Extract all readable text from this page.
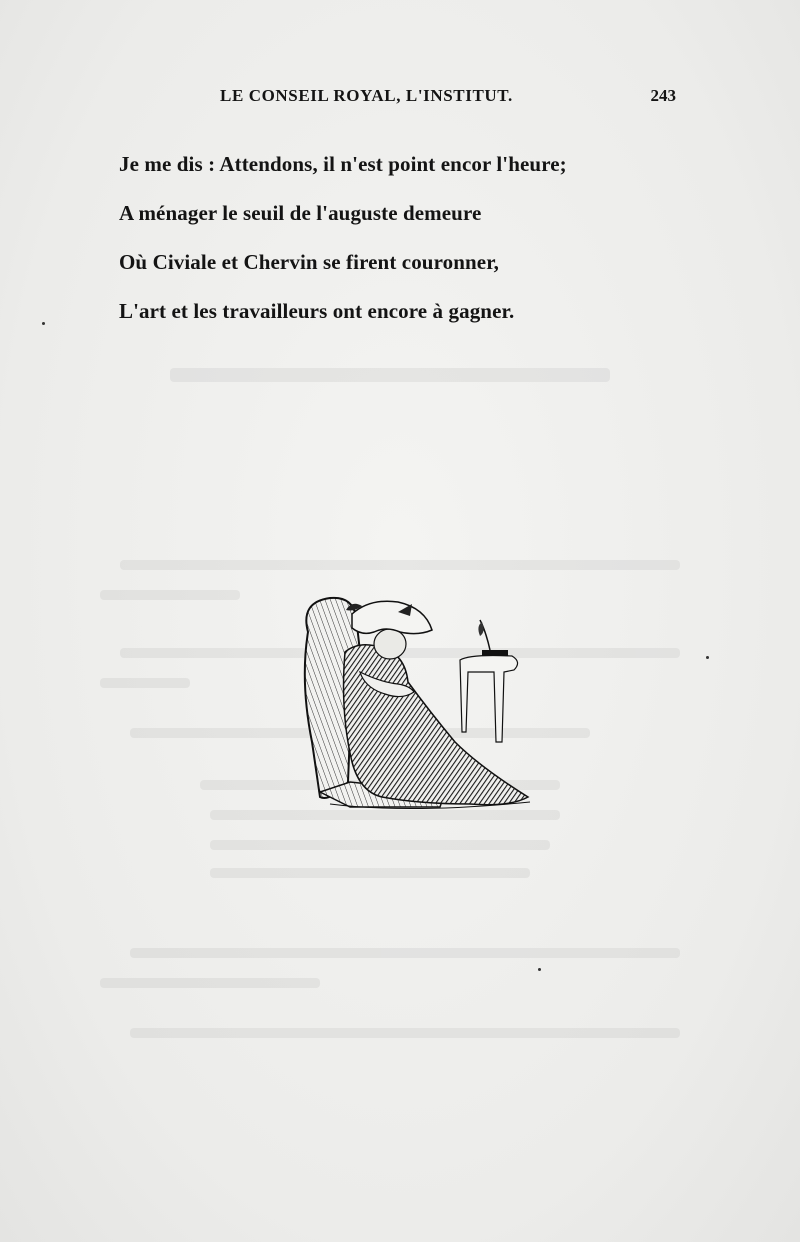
LE CONSEIL ROYAL, L'INSTITUT.	243
Je me dis : Attendons, il n'est point encor l'heure;
A ménager le seuil de l'auguste demeure
Où Civiale et Chervin se firent couronner,
L'art et les travailleurs ont encore à gagner.
